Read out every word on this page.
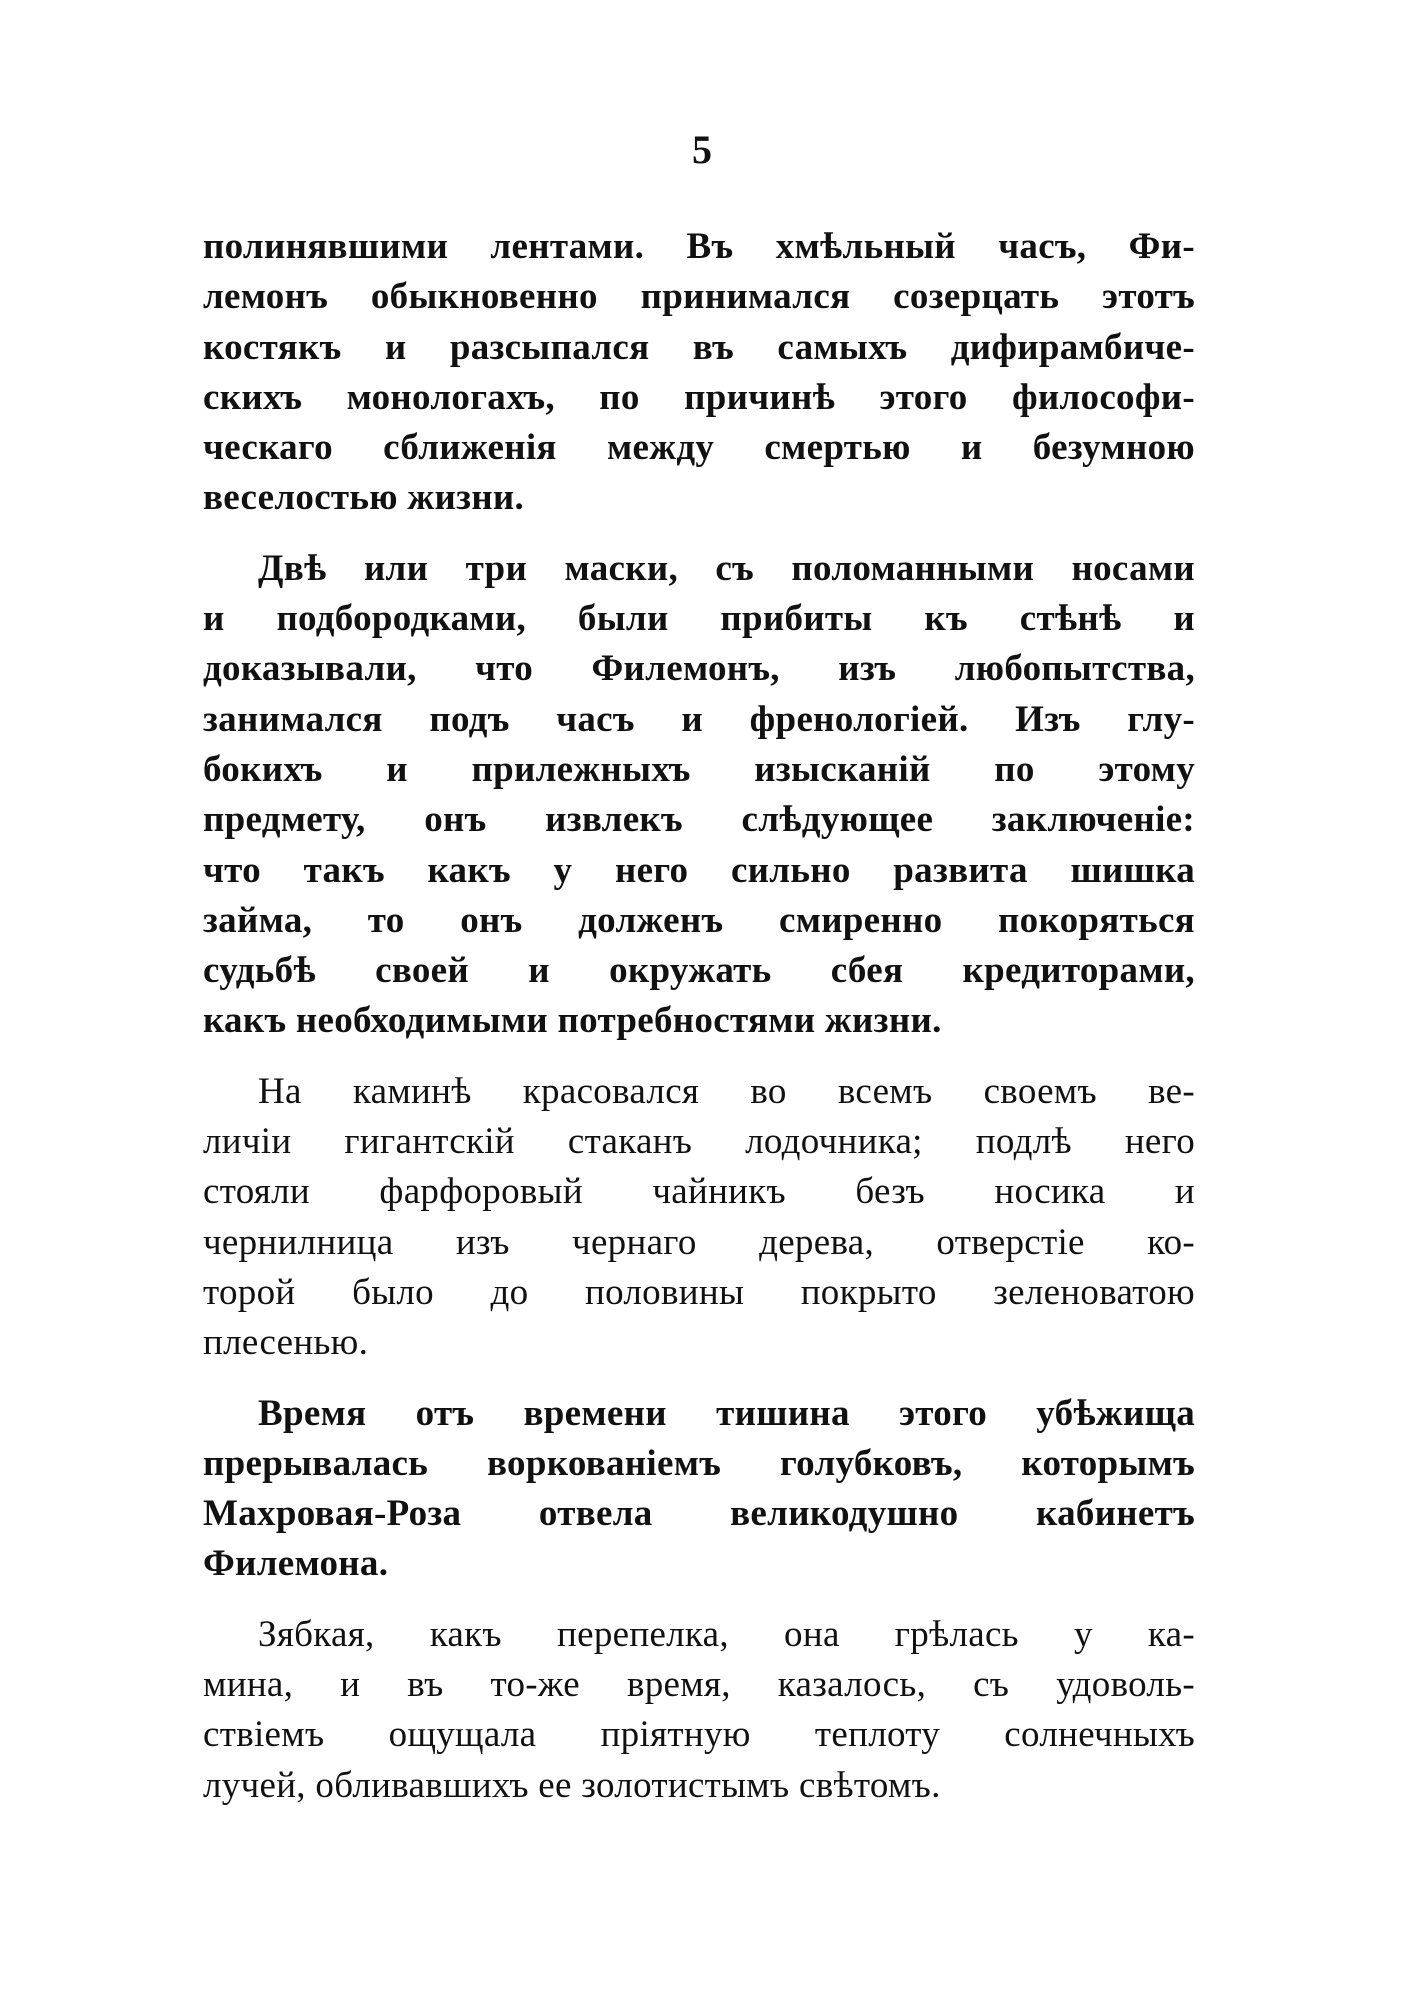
5

полинявшими лентами. Въ хмѣльный часъ, Фи-
лемонъ обыкновенно принимался созерцать этотъ
костякъ и разсыпался въ самыхъ дифирамбиче-
скихъ монологахъ, по причинѣ этого философи-
ческаго сближенія между смертью и безумною
веселостью жизни.

Двѣ или три маски, съ поломанными носами
и подбородками, были прибиты къ стѣнѣ и
доказывали, что Филемонъ, изъ любопытства,
занимался подъ часъ и френологіей. Изъ глу-
бокихъ и прилежныхъ изысканій по этому
предмету, онъ извлекъ слѣдующее заключеніе:
что такъ какъ у него сильно развита шишка
займа, то онъ долженъ смиренно покоряться
судьбѣ своей и окружать сбея кредиторами,
какъ необходимыми потребностями жизни.

На каминѣ красовался во всемъ своемъ ве-
личіи гигантскій стаканъ лодочника; подлѣ него
стояли фарфоровый чайникъ безъ носика и
чернилница изъ чернаго дерева, отверстіе ко-
торой было до половины покрыто зеленоватою
плесенью.

Время отъ времени тишина этого убѣжища
прерывалась воркованіемъ голубковъ, которымъ
Махровая-Роза отвела великодушно кабинетъ
Филемона.

Зябкая, какъ перепелка, она грѣлась у ка-
мина, и въ то-же время, казалось, съ удоволь-
ствіемъ ощущала пріятную теплоту солнечныхъ
лучей, обливавшихъ ее золотистымъ свѣтомъ.
